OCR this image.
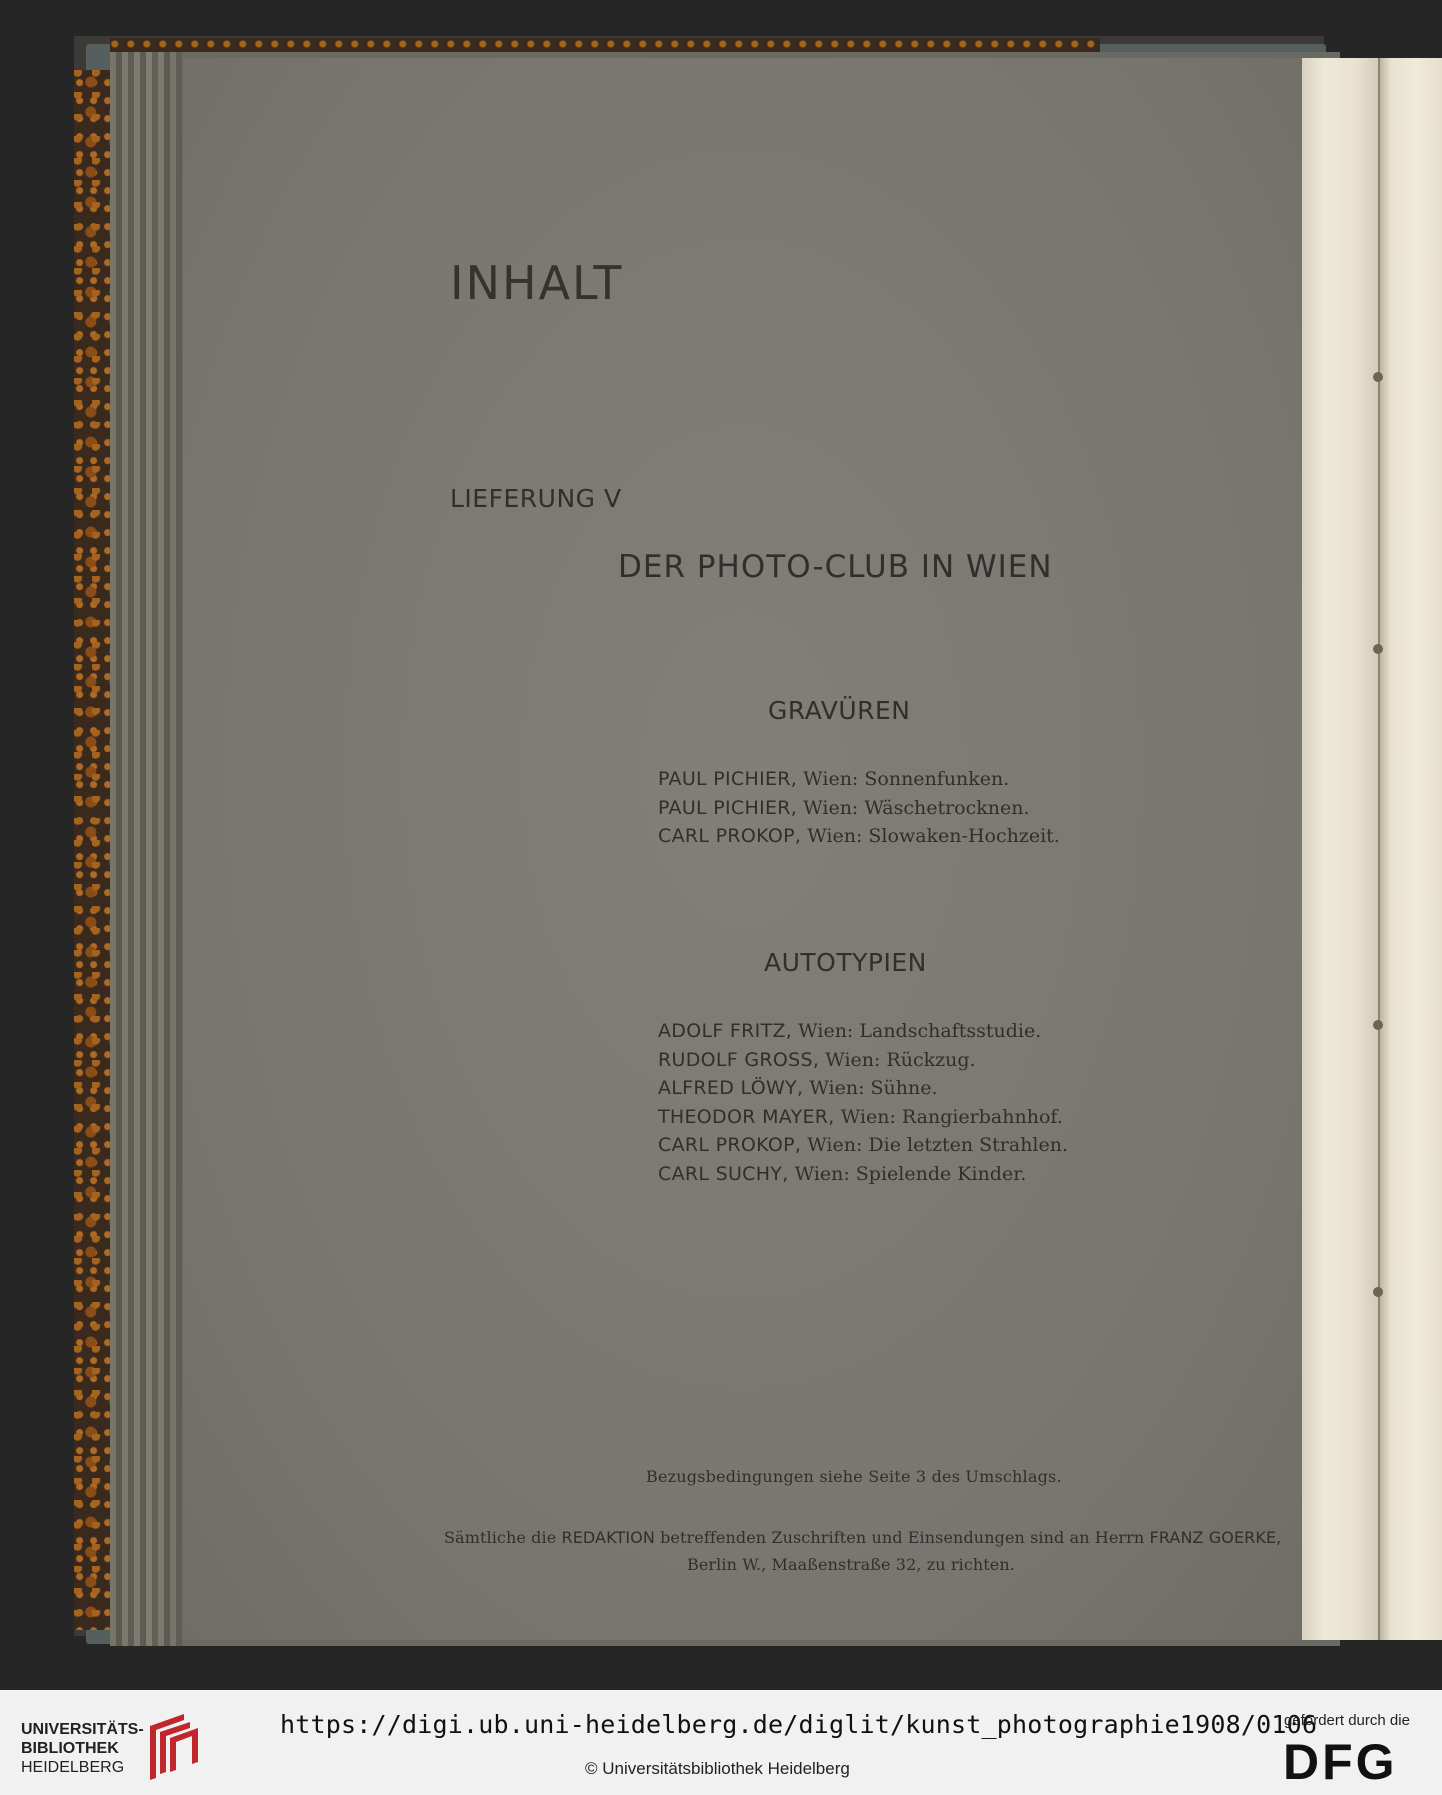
INHALT
LIEFERUNG V
DER PHOTO-CLUB IN WIEN
GRAVÜREN
PAUL PICHIER, Wien: Sonnenfunken.
PAUL PICHIER, Wien: Wäschetrocknen.
CARL PROKOP, Wien: Slowaken-Hochzeit.
AUTOTYPIEN
ADOLF FRITZ, Wien: Landschaftsstudie.
RUDOLF GROSS, Wien: Rückzug.
ALFRED LÖWY, Wien: Sühne.
THEODOR MAYER, Wien: Rangierbahnhof.
CARL PROKOP, Wien: Die letzten Strahlen.
CARL SUCHY, Wien: Spielende Kinder.
Bezugsbedingungen siehe Seite 3 des Umschlags.
Sämtliche die REDAKTION betreffenden Zuschriften und Einsendungen sind an Herrn FRANZ GOERKE,
Berlin W., Maaßenstraße 32, zu richten.
UNIVERSITÄTS-
BIBLIOTHEK
HEIDELBERG
https://digi.ub.uni-heidelberg.de/diglit/kunst_photographie1908/0106
© Universitätsbibliothek Heidelberg
gefördert durch die
DFG
